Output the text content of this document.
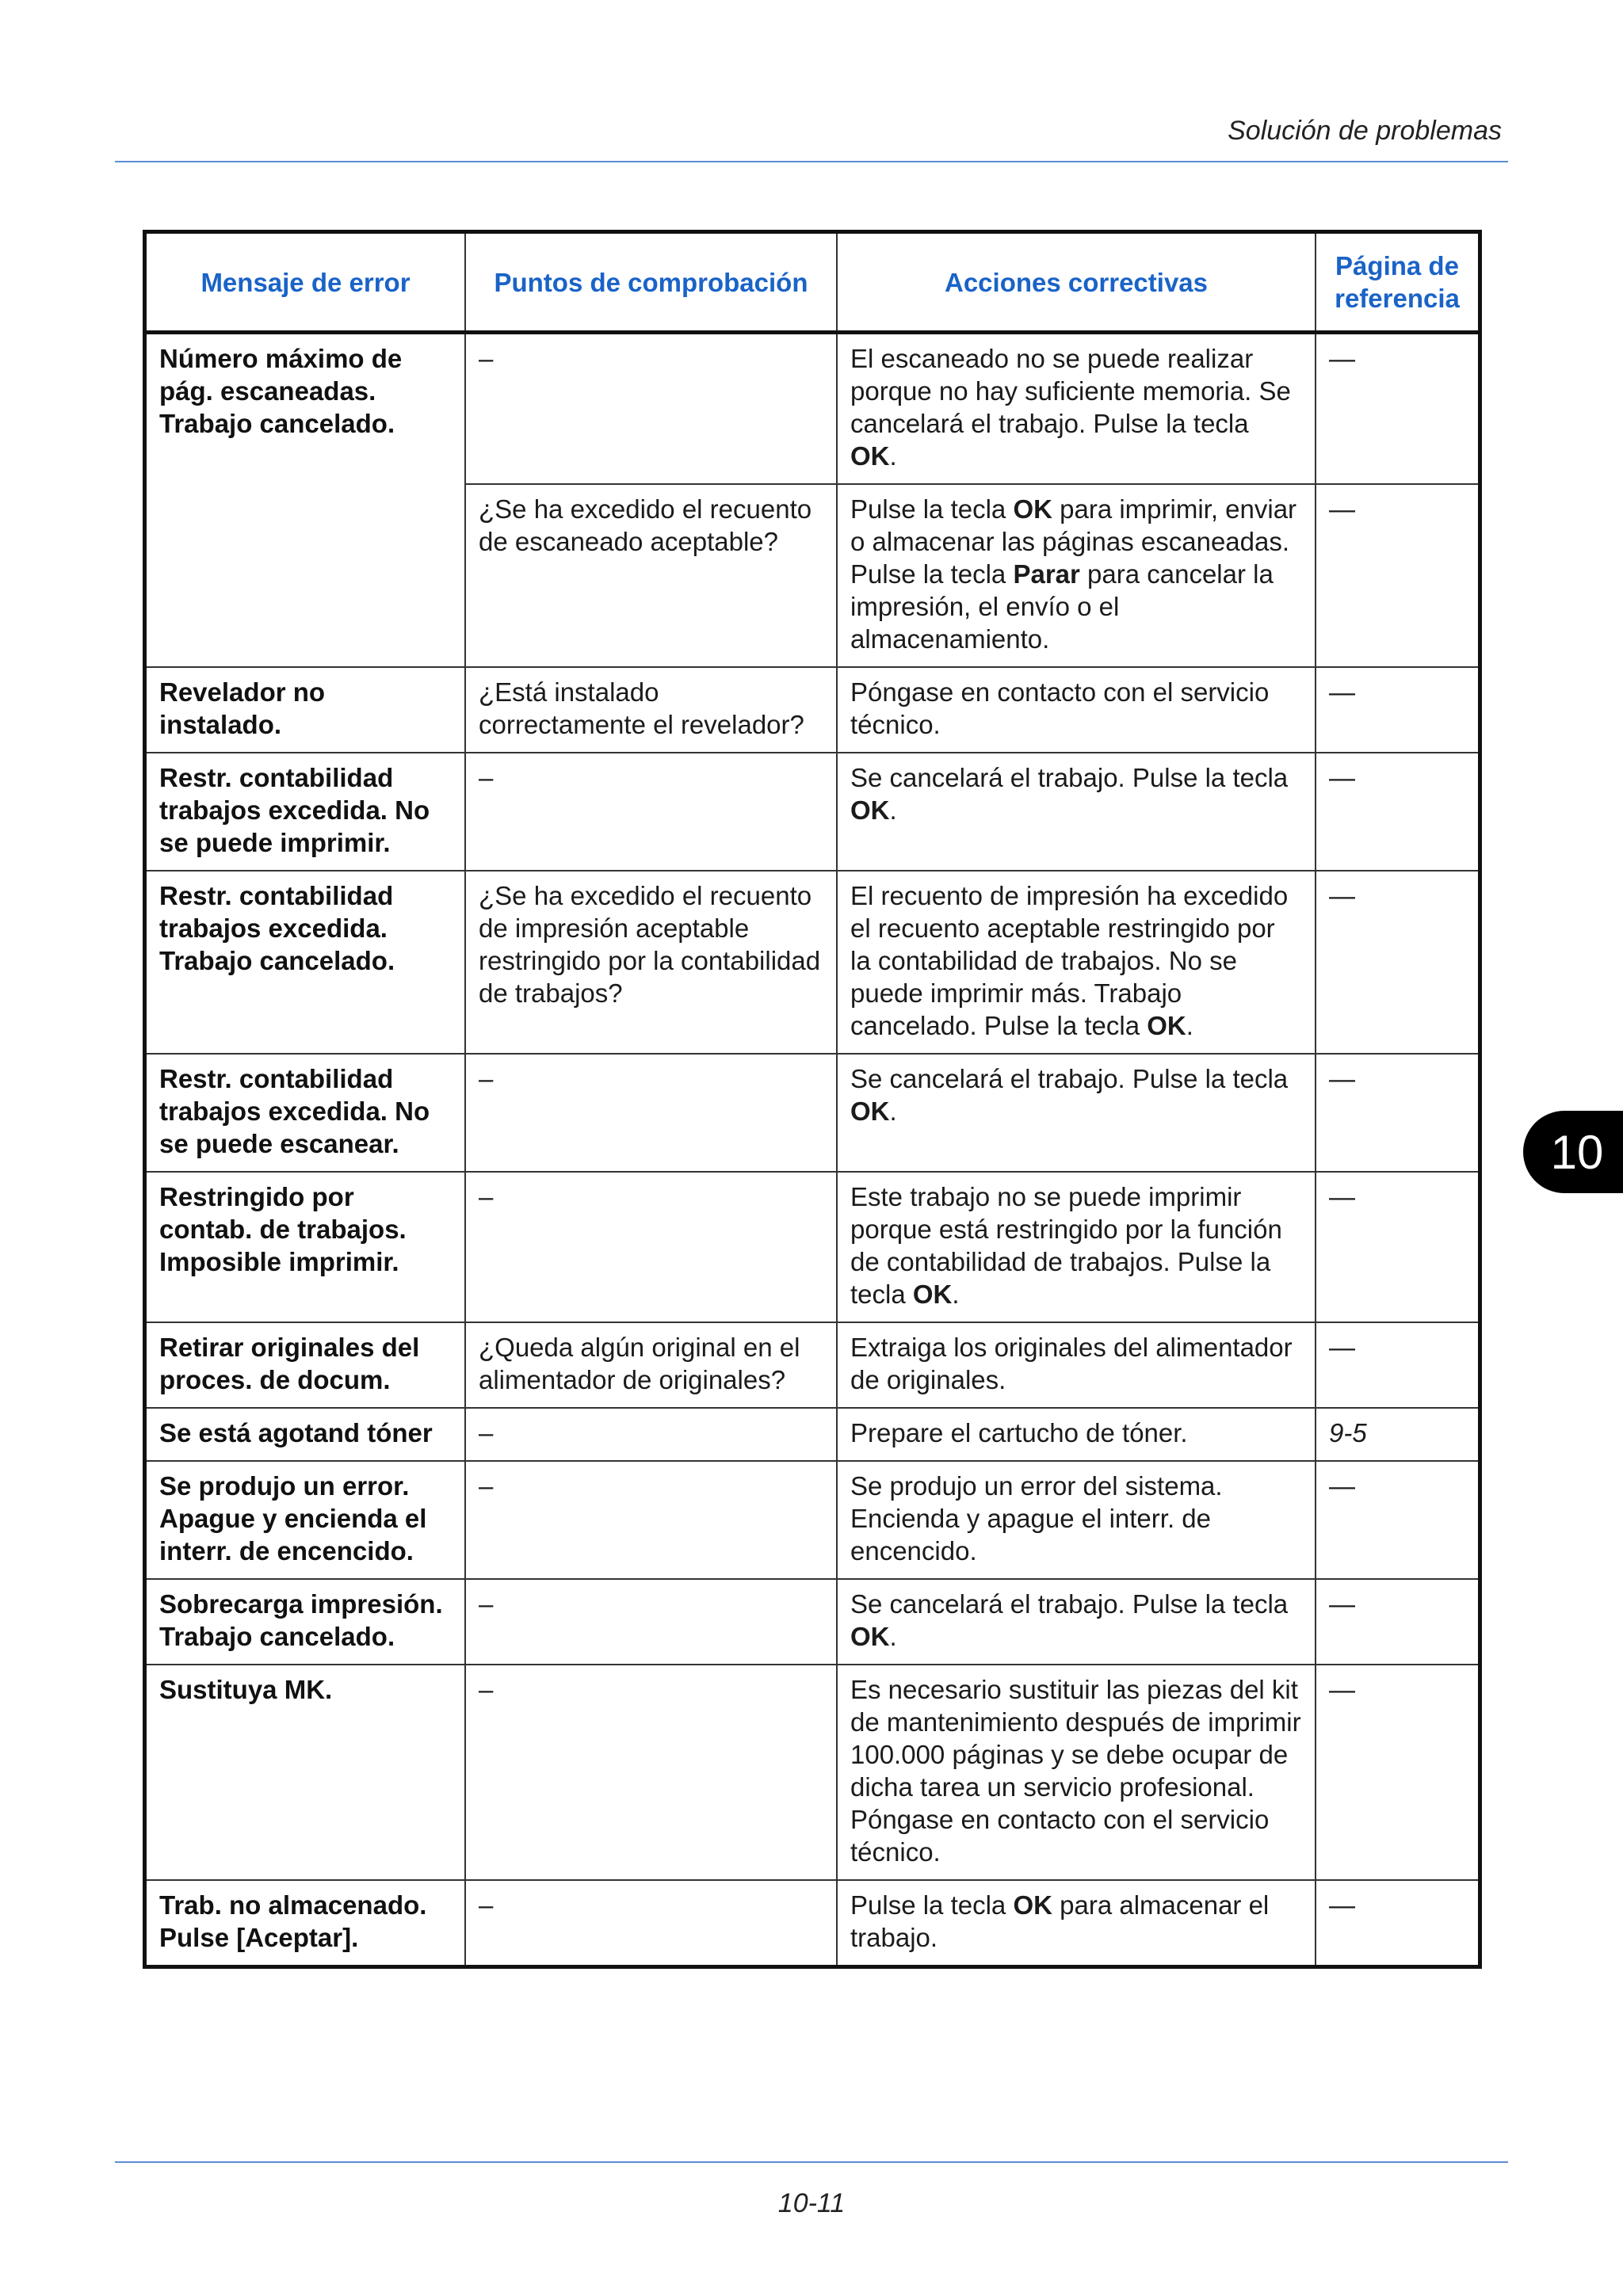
Solución de problemas
Mensaje de error	Puntos de comprobación	Acciones correctivas	Página de referencia
Número máximo de pág. escaneadas. Trabajo cancelado.	–	El escaneado no se puede realizar porque no hay suficiente memoria. Se cancelará el trabajo. Pulse la tecla OK.	—
	¿Se ha excedido el recuento de escaneado aceptable?	Pulse la tecla OK para imprimir, enviar o almacenar las páginas escaneadas. Pulse la tecla Parar para cancelar la impresión, el envío o el almacenamiento.	—
Revelador no instalado.	¿Está instalado correctamente el revelador?	Póngase en contacto con el servicio técnico.	—
Restr. contabilidad trabajos excedida. No se puede imprimir.	–	Se cancelará el trabajo. Pulse la tecla OK.	—
Restr. contabilidad trabajos excedida. Trabajo cancelado.	¿Se ha excedido el recuento de impresión aceptable restringido por la contabilidad de trabajos?	El recuento de impresión ha excedido el recuento aceptable restringido por la contabilidad de trabajos. No se puede imprimir más. Trabajo cancelado. Pulse la tecla OK.	—
Restr. contabilidad trabajos excedida. No se puede escanear.	–	Se cancelará el trabajo. Pulse la tecla OK.	—
Restringido por contab. de trabajos. Imposible imprimir.	–	Este trabajo no se puede imprimir porque está restringido por la función de contabilidad de trabajos. Pulse la tecla OK.	—
Retirar originales del proces. de docum.	¿Queda algún original en el alimentador de originales?	Extraiga los originales del alimentador de originales.	—
Se está agotand tóner	–	Prepare el cartucho de tóner.	9-5
Se produjo un error. Apague y encienda el interr. de encencido.	–	Se produjo un error del sistema. Encienda y apague el interr. de encencido.	—
Sobrecarga impresión. Trabajo cancelado.	–	Se cancelará el trabajo. Pulse la tecla OK.	—
Sustituya MK.	–	Es necesario sustituir las piezas del kit de mantenimiento después de imprimir 100.000 páginas y se debe ocupar de dicha tarea un servicio profesional. Póngase en contacto con el servicio técnico.	—
Trab. no almacenado. Pulse [Aceptar].	–	Pulse la tecla OK para almacenar el trabajo.	—
10
10-11
